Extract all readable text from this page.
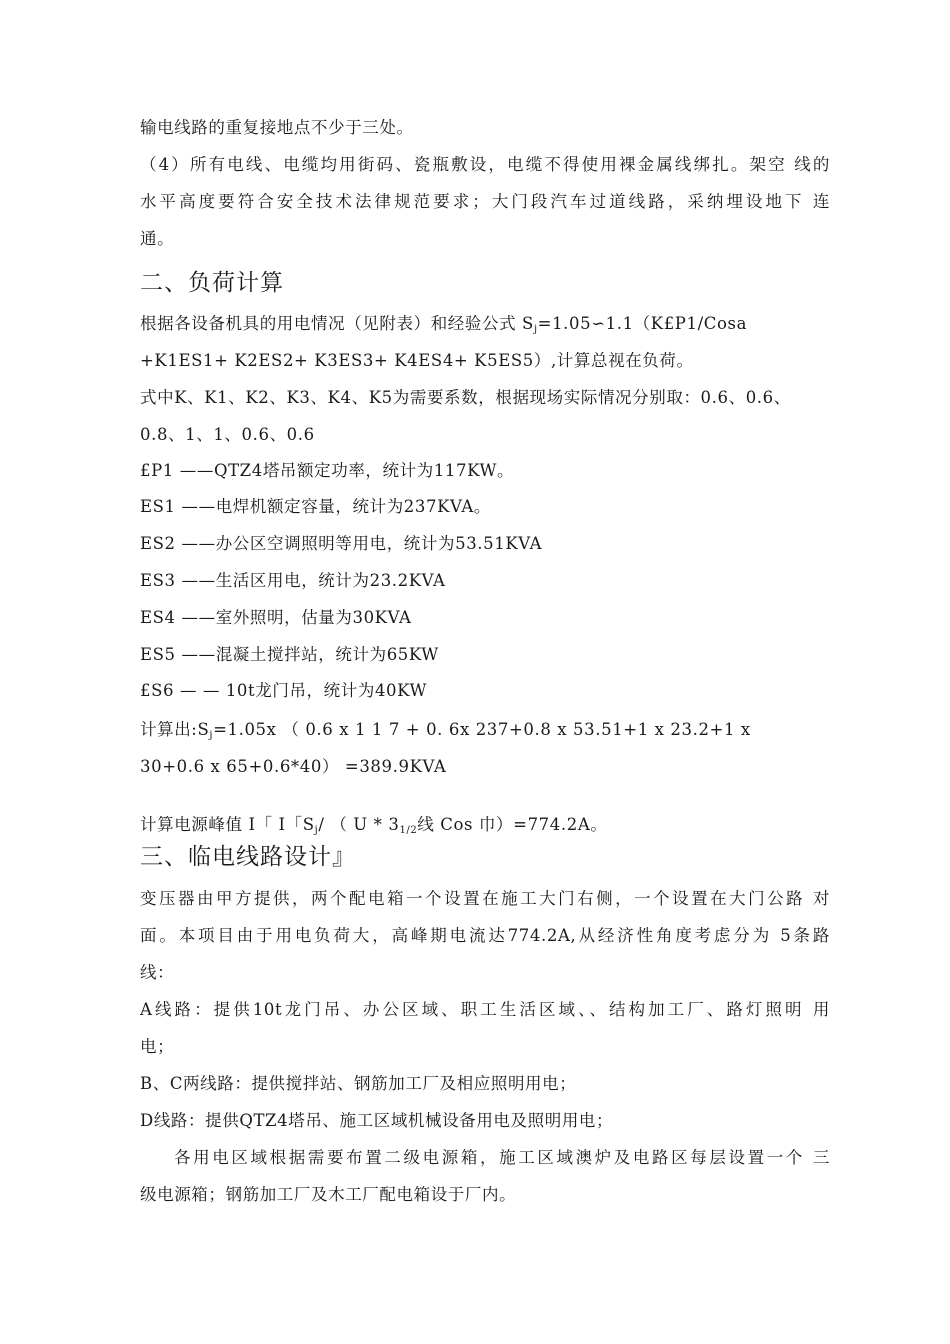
输电线路的重复接地点不少于三处。
（4）所有电线、电缆均用街码、瓷瓶敷设，电缆不得使用裸金属线绑扎。架空 线的
水平高度要符合安全技术法律规范要求；大门段汽车过道线路，采纳埋设地下 连
通。
二、负荷计算
根据各设备机具的用电情况（见附表）和经验公式 $S_j=1.05∽1.1(K£P1$/Cosa
+K1ES1+ K2ES2+ K3ES3+ K4ES4+ K5ES5）,计算总视在负荷。
式中K、K1、K2、K3、K4、K5为需要系数，根据现场实际情况分别取：0.6、0.6、
0.8、1、1、0.6、0.6
£P1 ——QTZ4塔吊额定功率，统计为117KW。
ES1 ——电焊机额定容量，统计为237KVA。
ES2 ——办公区空调照明等用电，统计为53.51KVA
ES3 ——生活区用电，统计为23.2KVA
ES4 ——室外照明，估量为30KVA
ES5 ——混凝土搅拌站，统计为65KW
£S6 — — 10t龙门吊，统计为40KW
计算出$:S_j=1.05x$ （ 0.6 x 1 1 7 + 0. 6x 237+0.8 x 53.51+1 x 23.2+1 x
30+0.6 x 65+0.6*40） =389.9KVA
计算电源峰值 I「 I「$S_j/$ （ U * $3_{1/2}$线 Cos 巾）=774.2A。
三、临电线路设计』
变压器由甲方提供，两个配电箱一个设置在施工大门右侧，一个设置在大门公路 对
面。本项目由于用电负荷大，高峰期电流达774.2A,从经济性角度考虑分为 5条路
线：
A线路：提供10t龙门吊、办公区域、职工生活区域、、结构加工厂、路灯照明 用
电；
B、C两线路：提供搅拌站、钢筋加工厂及相应照明用电；
D线路：提供QTZ4塔吊、施工区域机械设备用电及照明用电；
各用电区域根据需要布置二级电源箱，施工区域澳炉及电路区每层设置一个 三
级电源箱；钢筋加工厂及木工厂配电箱设于厂内。
